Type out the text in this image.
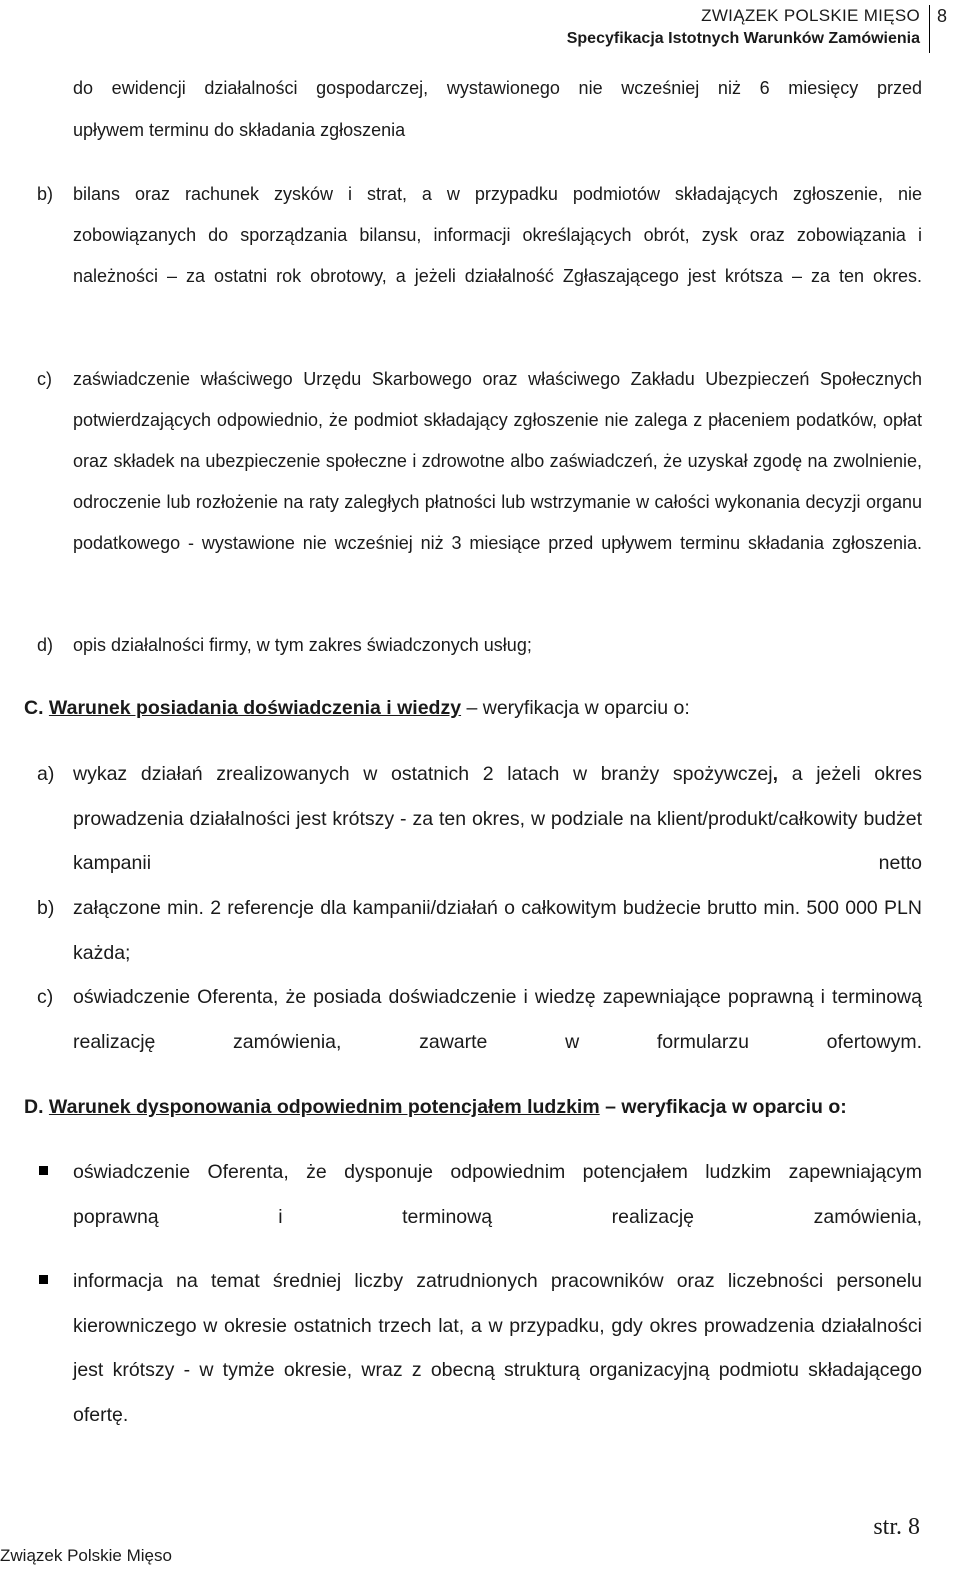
ZWIĄZEK POLSKIE MIĘSO
Specyfikacja Istotnych Warunków Zamówienia
8
do ewidencji działalności gospodarczej, wystawionego nie wcześniej niż 6 miesięcy przed
upływem terminu do składania zgłoszenia
b) bilans oraz rachunek zysków i strat, a w przypadku podmiotów składających zgłoszenie, nie zobowiązanych do sporządzania bilansu, informacji określających obrót, zysk oraz zobowiązania i należności – za ostatni rok obrotowy, a jeżeli działalność Zgłaszającego jest krótsza – za ten okres.
c) zaświadczenie właściwego Urzędu Skarbowego oraz właściwego Zakładu Ubezpieczeń Społecznych potwierdzających odpowiednio, że podmiot składający zgłoszenie nie zalega z płaceniem podatków, opłat oraz składek na ubezpieczenie społeczne i zdrowotne albo zaświadczeń, że uzyskał zgodę na zwolnienie, odroczenie lub rozłożenie na raty zaległych płatności lub wstrzymanie w całości wykonania decyzji organu podatkowego - wystawione nie wcześniej niż 3 miesiące przed upływem terminu składania zgłoszenia.
d) opis działalności firmy, w tym zakres świadczonych usług;
C. Warunek posiadania doświadczenia i wiedzy – weryfikacja w oparciu o:
a) wykaz działań zrealizowanych w ostatnich 2 latach w branży spożywczej, a jeżeli okres prowadzenia działalności jest krótszy - za ten okres, w podziale na klient/produkt/całkowity budżet kampanii netto
b) załączone min. 2 referencje dla kampanii/działań o całkowitym budżecie brutto min. 500 000 PLN każda;
c) oświadczenie Oferenta, że posiada doświadczenie i wiedzę zapewniające poprawną i terminową realizację zamówienia, zawarte w formularzu ofertowym.
D. Warunek dysponowania odpowiednim potencjałem ludzkim – weryfikacja w oparciu o:
oświadczenie Oferenta, że dysponuje odpowiednim potencjałem ludzkim zapewniającym poprawną i terminową realizację zamówienia,
informacja na temat średniej liczby zatrudnionych pracowników oraz liczebności personelu kierowniczego w okresie ostatnich trzech lat, a w przypadku, gdy okres prowadzenia działalności jest krótszy - w tymże okresie, wraz z obecną strukturą organizacyjną podmiotu składającego ofertę.
str. 8
Związek Polskie Mięso
